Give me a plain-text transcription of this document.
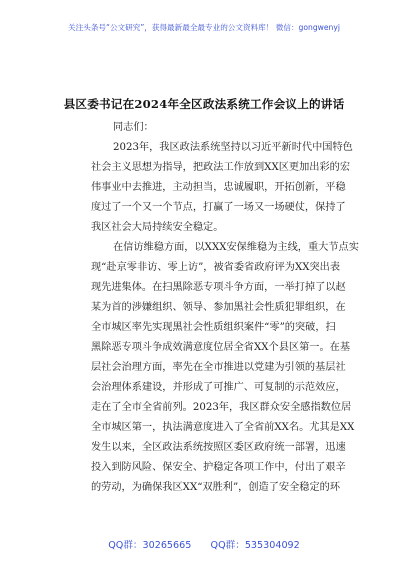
关注头条号“公文研究”，获得最新最全最专业的公文资料库！ 微信：gongwenyj
县区委书记在2024年全区政法系统工作会议上的讲话
同志们：
2023年，我区政法系统坚持以习近平新时代中国特色
社会主义思想为指导，把政法工作放到XX区更加出彩的宏
伟事业中去推进，主动担当，忠诚履职，开拓创新，平稳
度过了一个又一个节点，打赢了一场又一场硬仗，保持了
我区社会大局持续安全稳定。
在信访维稳方面，以XXX安保维稳为主线，重大节点实
现“赴京零非访、零上访”，被省委省政府评为XX突出表
现先进集体。在扫黑除恶专项斗争方面，一举打掉了以赵
某为首的涉嫌组织、领导、参加黑社会性质犯罪组织，在
全市城区率先实现黑社会性质组织案件“零”的突破，扫
黑除恶专项斗争成效满意度位居全省XX个县区第一。在基
层社会治理方面，率先在全市推进以党建为引领的基层社
会治理体系建设，并形成了可推广、可复制的示范效应，
走在了全市全省前列。2023年，我区群众安全感指数位居
全市城区第一，执法满意度进入了全省前XX名。尤其是XX
发生以来，全区政法系统按照区委区政府统一部署，迅速
投入到防风险、保安全、护稳定各项工作中，付出了艰辛
的劳动，为确保我区XX“双胜利”，创造了安全稳定的环
QQ群：30265665　　QQ群：535304092
